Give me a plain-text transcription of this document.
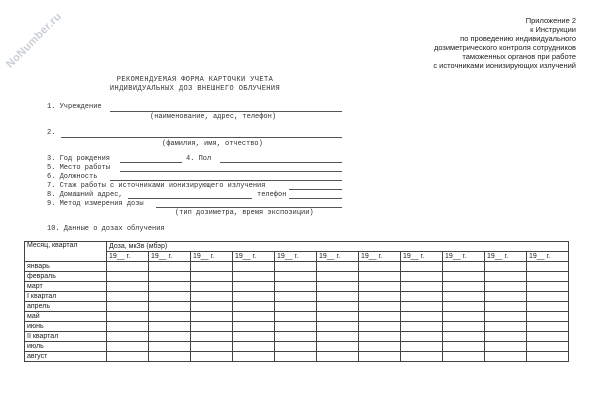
NoNumber.ru	Приложение 2
к Инструкции
по проведению индивидуального
дозиметрического контроля сотрудников
таможенных органов при работе
с источниками ионизирующих излучений
РЕКОМЕНДУЕМАЯ ФОРМА КАРТОЧКИ УЧЕТА
ИНДИВИДУАЛЬНЫХ ДОЗ ВНЕШНЕГО ОБЛУЧЕНИЯ
1. Учреждение
(наименование, адрес, телефон)
2.
(фамилия, имя, отчество)
3. Год рождения	4. Пол
5. Место работы
6. Должность
7. Стаж работы с источниками ионизирующего излучения
8. Домашний адрес,	телефон
9. Метод измерения дозы
(тип дозиметра, время экспозиции)
10. Данные о дозах облучения
Месяц, квартал	Доза, мкЗв (мбэр)										
	19__ г.	19__ г.	19__ г.	19__ г.	19__ г.	19__ г.	19__ г.	19__ г.	19__ г.	19__ г.	19__ г.
январь											
февраль											
март											
I квартал											
апрель											
май											
июнь											
II квартал											
июль											
август											
